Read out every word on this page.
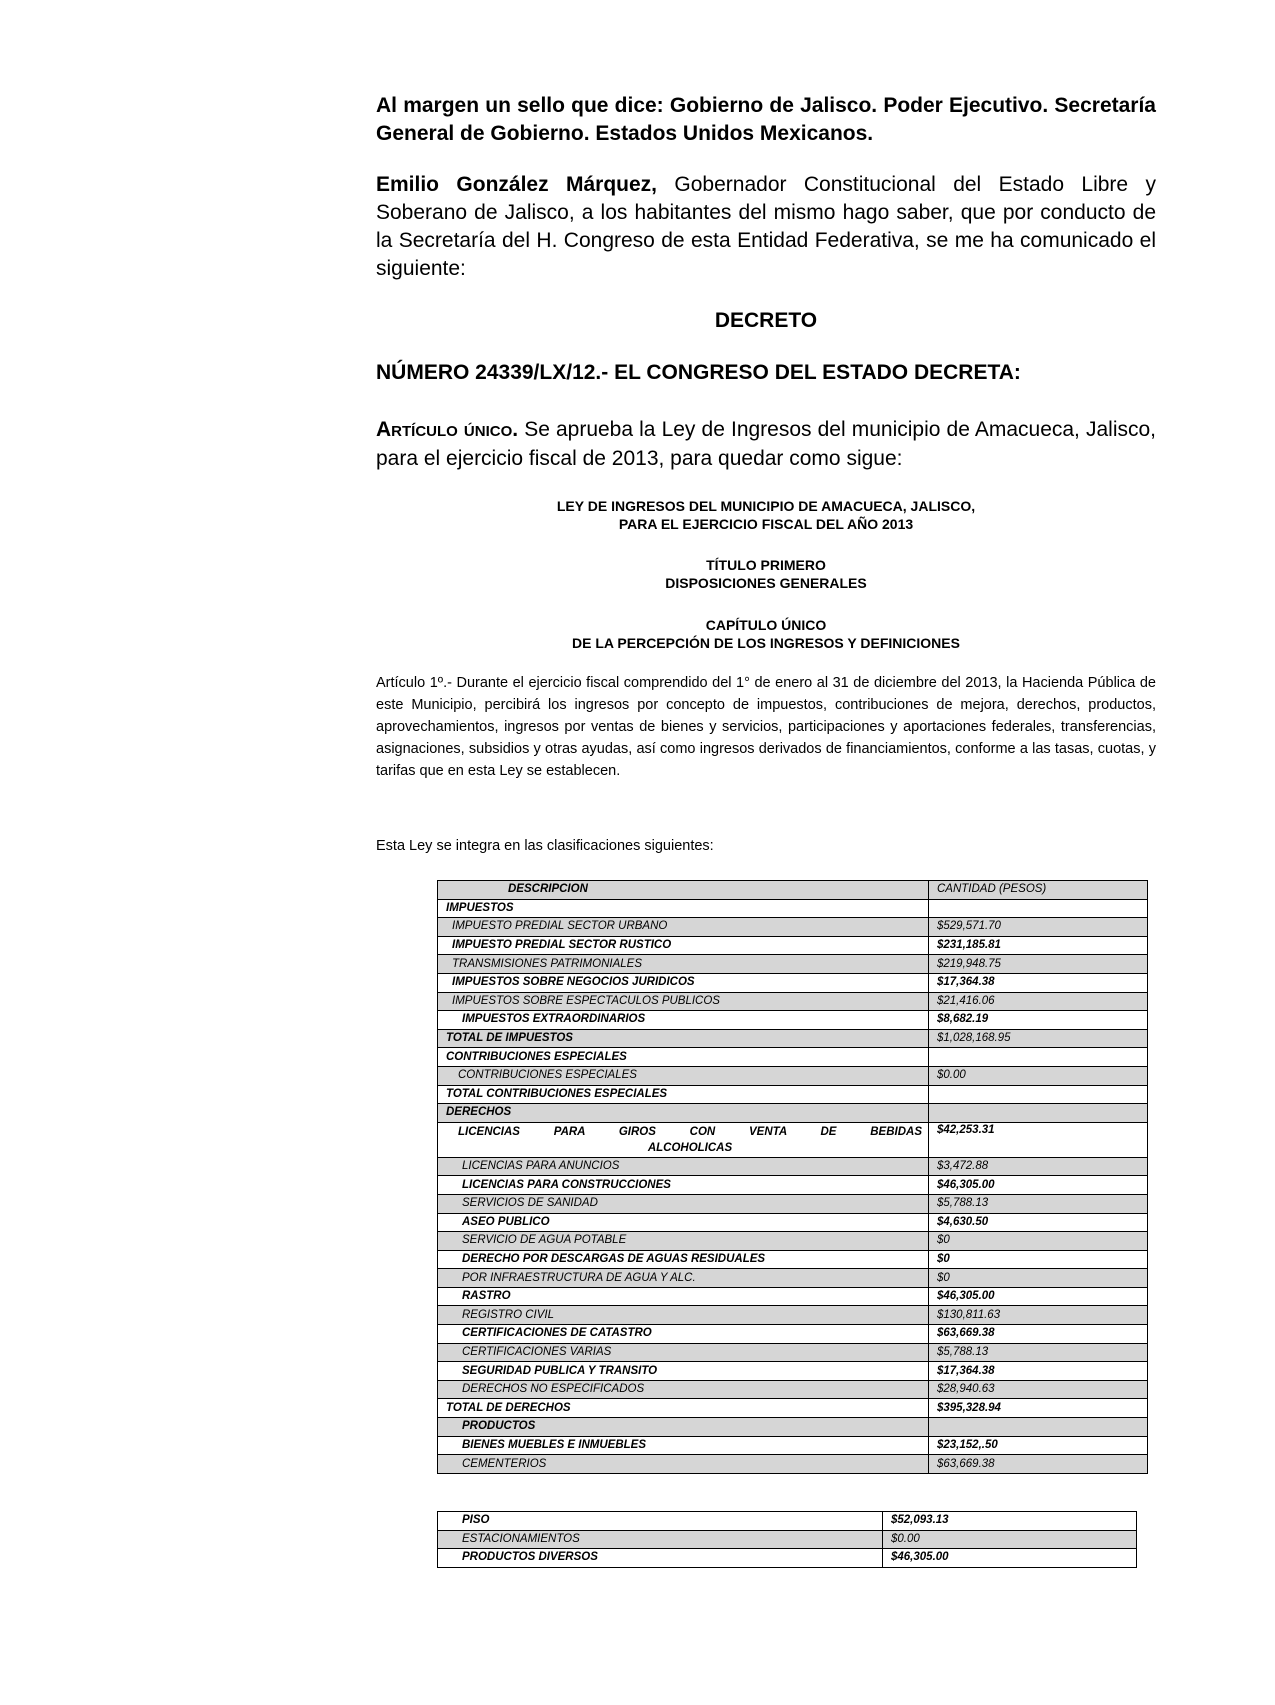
Al margen un sello que dice: Gobierno de Jalisco. Poder Ejecutivo. Secretaría General de Gobierno. Estados Unidos Mexicanos.
Emilio González Márquez, Gobernador Constitucional del Estado Libre y Soberano de Jalisco, a los habitantes del mismo hago saber, que por conducto de la Secretaría del H. Congreso de esta Entidad Federativa, se me ha comunicado el siguiente:
DECRETO
NÚMERO 24339/LX/12.- EL CONGRESO DEL ESTADO DECRETA:
Artículo único. Se aprueba la Ley de Ingresos del municipio de Amacueca, Jalisco, para el ejercicio fiscal de 2013, para quedar como sigue:
LEY DE INGRESOS DEL MUNICIPIO DE AMACUECA, JALISCO,
PARA EL EJERCICIO FISCAL DEL AÑO 2013
TÍTULO PRIMERO
DISPOSICIONES GENERALES
CAPÍTULO ÚNICO
DE LA PERCEPCIÓN DE LOS INGRESOS Y DEFINICIONES
Artículo 1º.- Durante el ejercicio fiscal comprendido del 1° de enero al 31 de diciembre del 2013, la Hacienda Pública de este Municipio, percibirá los ingresos por concepto de impuestos, contribuciones de mejora, derechos, productos, aprovechamientos, ingresos por ventas de bienes y servicios, participaciones y aportaciones federales, transferencias, asignaciones, subsidios y otras ayudas, así como ingresos derivados de financiamientos, conforme a las tasas, cuotas, y tarifas que en esta Ley se establecen.
Esta Ley se integra en las clasificaciones siguientes:
DESCRIPCION	CANTIDAD (PESOS)
IMPUESTOS	
IMPUESTO PREDIAL SECTOR URBANO	$529,571.70
IMPUESTO PREDIAL SECTOR RUSTICO	$231,185.81
TRANSMISIONES PATRIMONIALES	$219,948.75
IMPUESTOS SOBRE NEGOCIOS JURIDICOS	$17,364.38
IMPUESTOS SOBRE ESPECTACULOS PUBLICOS	$21,416.06
IMPUESTOS EXTRAORDINARIOS	$8,682.19
TOTAL DE IMPUESTOS	$1,028,168.95
CONTRIBUCIONES ESPECIALES	
CONTRIBUCIONES ESPECIALES	$0.00
TOTAL CONTRIBUCIONES ESPECIALES	
DERECHOS	

LICENCIAS PARA GIROS CON VENTA DE BEBIDAS
ALCOHOLICAS	$42,253.31
LICENCIAS PARA ANUNCIOS	$3,472.88
LICENCIAS PARA CONSTRUCCIONES	$46,305.00
SERVICIOS DE SANIDAD	$5,788.13
ASEO PUBLICO	$4,630.50
SERVICIO DE AGUA POTABLE	$0
DERECHO POR DESCARGAS DE AGUAS RESIDUALES	$0
POR INFRAESTRUCTURA DE AGUA Y ALC.	$0
RASTRO	$46,305.00
REGISTRO CIVIL	$130,811.63
CERTIFICACIONES DE CATASTRO	$63,669.38
CERTIFICACIONES VARIAS	$5,788.13
SEGURIDAD PUBLICA Y TRANSITO	$17,364.38
DERECHOS NO ESPECIFICADOS	$28,940.63
TOTAL DE DERECHOS	$395,328.94
PRODUCTOS	
BIENES MUEBLES E INMUEBLES	$23,152,.50
CEMENTERIOS	$63,669.38
PISO	$52,093.13
ESTACIONAMIENTOS	$0.00
PRODUCTOS DIVERSOS	$46,305.00
